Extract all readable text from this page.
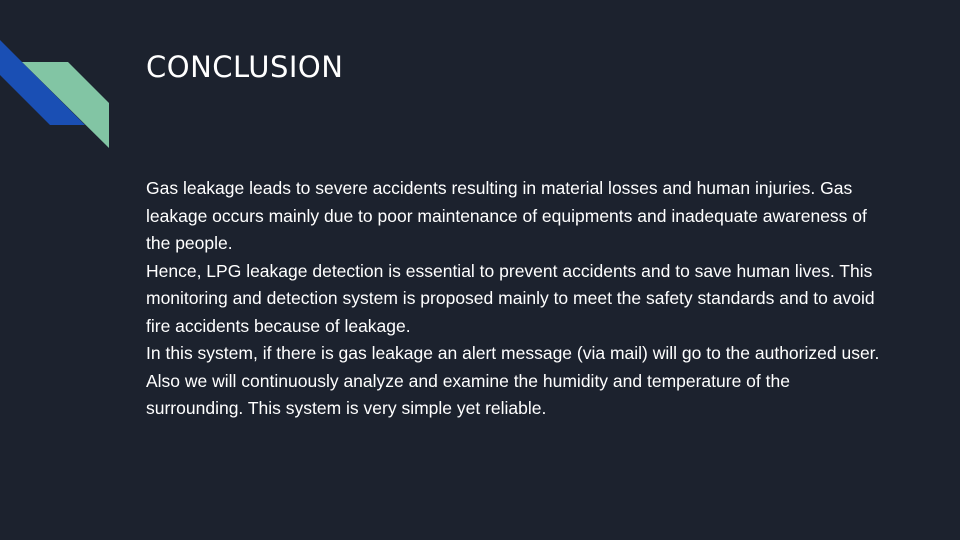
CONCLUSION

Gas leakage leads to severe accidents resulting in material losses and human injuries. Gas leakage occurs mainly due to poor maintenance of equipments and inadequate awareness of the people.

Hence, LPG leakage detection is essential to prevent accidents and to save human lives. This monitoring and detection system is proposed mainly to meet the safety standards and to avoid fire accidents because of leakage.

In this system, if there is gas leakage an alert message (via mail) will go to the authorized user.

Also we will continuously analyze and examine the humidity and temperature of the surrounding. This system is very simple yet reliable.
